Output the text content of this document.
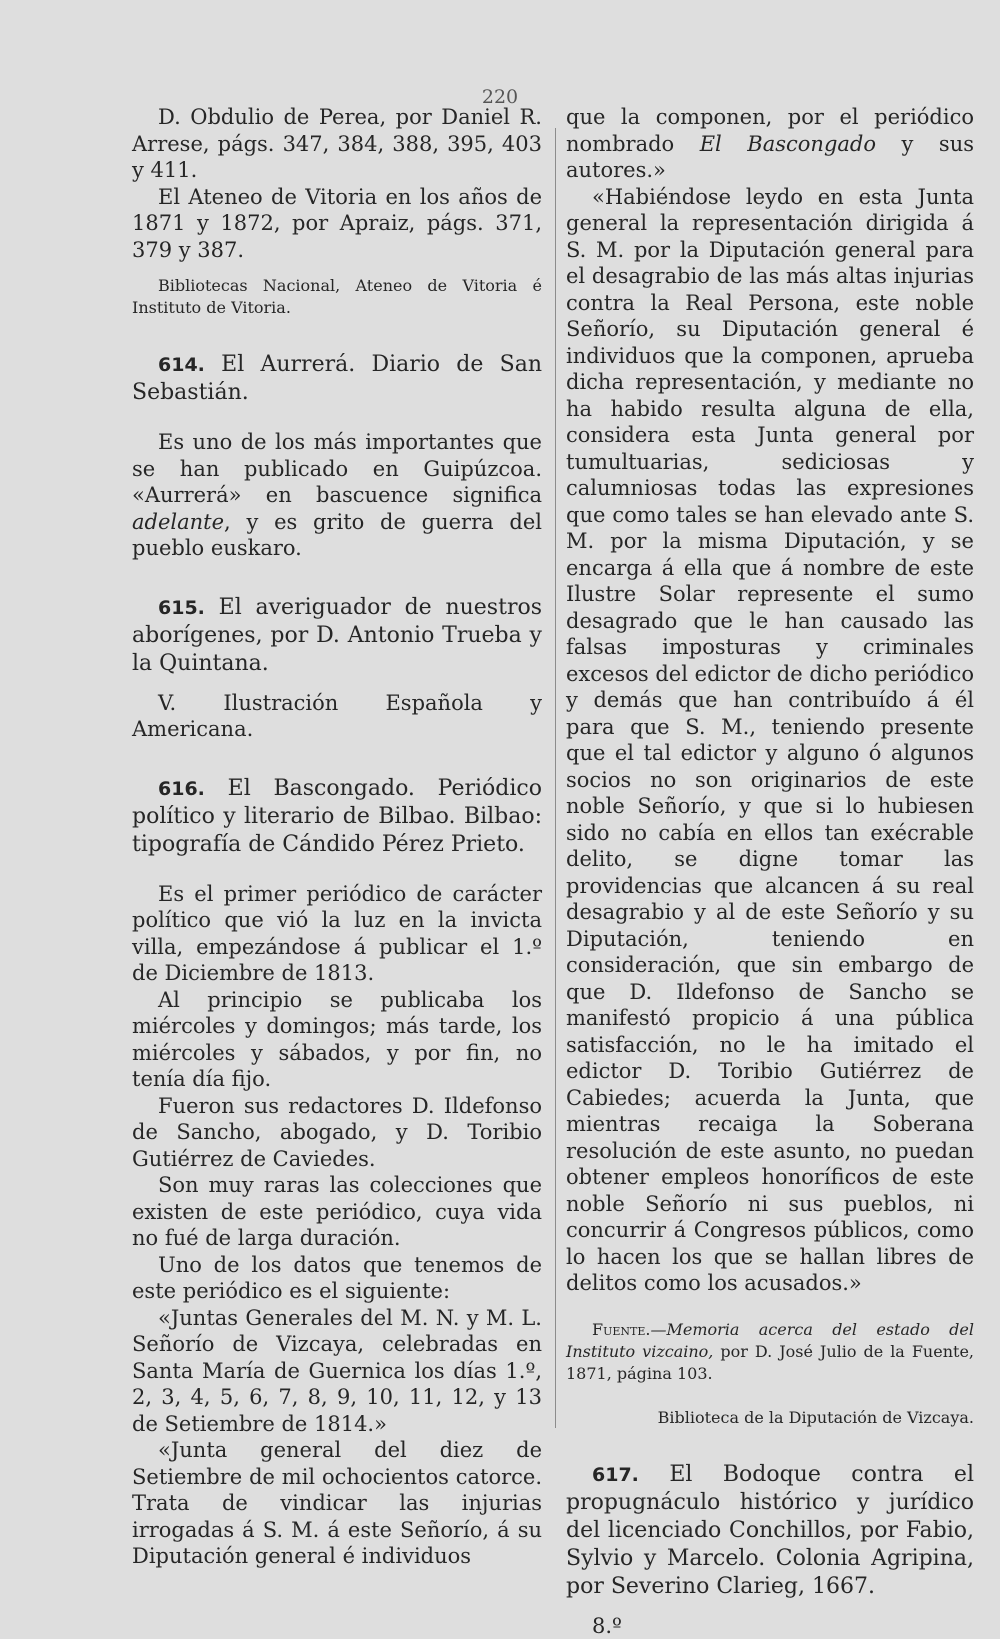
220

D. Obdulio de Perea, por Daniel R. Arrese, págs. 347, 384, 388, 395, 403 y 411.

El Ateneo de Vitoria en los años de 1871 y 1872, por Apraiz, págs. 371, 379 y 387.

Bibliotecas Nacional, Ateneo de Vitoria é Instituto de Vitoria.

614. El Aurrerá. Diario de San Sebastián.

Es uno de los más importantes que se han publicado en Guipúzcoa. «Aurrerá» en bascuence significa adelante, y es grito de guerra del pueblo euskaro.

615. El averiguador de nuestros aborígenes, por D. Antonio Trueba y la Quintana.

V. Ilustración Española y Americana.

616. El Bascongado. Periódico político y literario de Bilbao. Bilbao: tipografía de Cándido Pérez Prieto.

Es el primer periódico de carácter político que vió la luz en la invicta villa, empezándose á publicar el 1.º de Diciembre de 1813.

Al principio se publicaba los miércoles y domingos; más tarde, los miércoles y sábados, y por fin, no tenía día fijo.

Fueron sus redactores D. Ildefonso de Sancho, abogado, y D. Toribio Gutiérrez de Caviedes.

Son muy raras las colecciones que existen de este periódico, cuya vida no fué de larga duración.

Uno de los datos que tenemos de este periódico es el siguiente:

«Juntas Generales del M. N. y M. L. Señorío de Vizcaya, celebradas en Santa María de Guernica los días 1.º, 2, 3, 4, 5, 6, 7, 8, 9, 10, 11, 12, y 13 de Setiembre de 1814.»

«Junta general del diez de Setiembre de mil ochocientos catorce. Trata de vindicar las injurias irrogadas á S. M. á este Señorío, á su Diputación general é individuos

que la componen, por el periódico nombrado El Bascongado y sus autores.»

«Habiéndose leydo en esta Junta general la representación dirigida á S. M. por la Diputación general para el desagrabio de las más altas injurias contra la Real Persona, este noble Señorío, su Diputación general é individuos que la componen, aprueba dicha representación, y mediante no ha habido resulta alguna de ella, considera esta Junta general por tumultuarias, sediciosas y calumniosas todas las expresiones que como tales se han elevado ante S. M. por la misma Diputación, y se encarga á ella que á nombre de este Ilustre Solar represente el sumo desagrado que le han causado las falsas imposturas y criminales excesos del edictor de dicho periódico y demás que han contribuído á él para que S. M., teniendo presente que el tal edictor y alguno ó algunos socios no son originarios de este noble Señorío, y que si lo hubiesen sido no cabía en ellos tan exécrable delito, se digne tomar las providencias que alcancen á su real desagrabio y al de este Señorío y su Diputación, teniendo en consideración, que sin embargo de que D. Ildefonso de Sancho se manifestó propicio á una pública satisfacción, no le ha imitado el edictor D. Toribio Gutiérrez de Cabiedes; acuerda la Junta, que mientras recaiga la Soberana resolución de este asunto, no puedan obtener empleos honoríficos de este noble Señorío ni sus pueblos, ni concurrir á Congresos públicos, como lo hacen los que se hallan libres de delitos como los acusados.»

Fuente.—Memoria acerca del estado del Instituto vizcaino, por D. José Julio de la Fuente, 1871, página 103.

Biblioteca de la Diputación de Vizcaya.

617. El Bodoque contra el propugnáculo histórico y jurídico del licenciado Conchillos, por Fabio, Sylvio y Marcelo. Colonia Agripina, por Severino Clarieg, 1667.

8.º
